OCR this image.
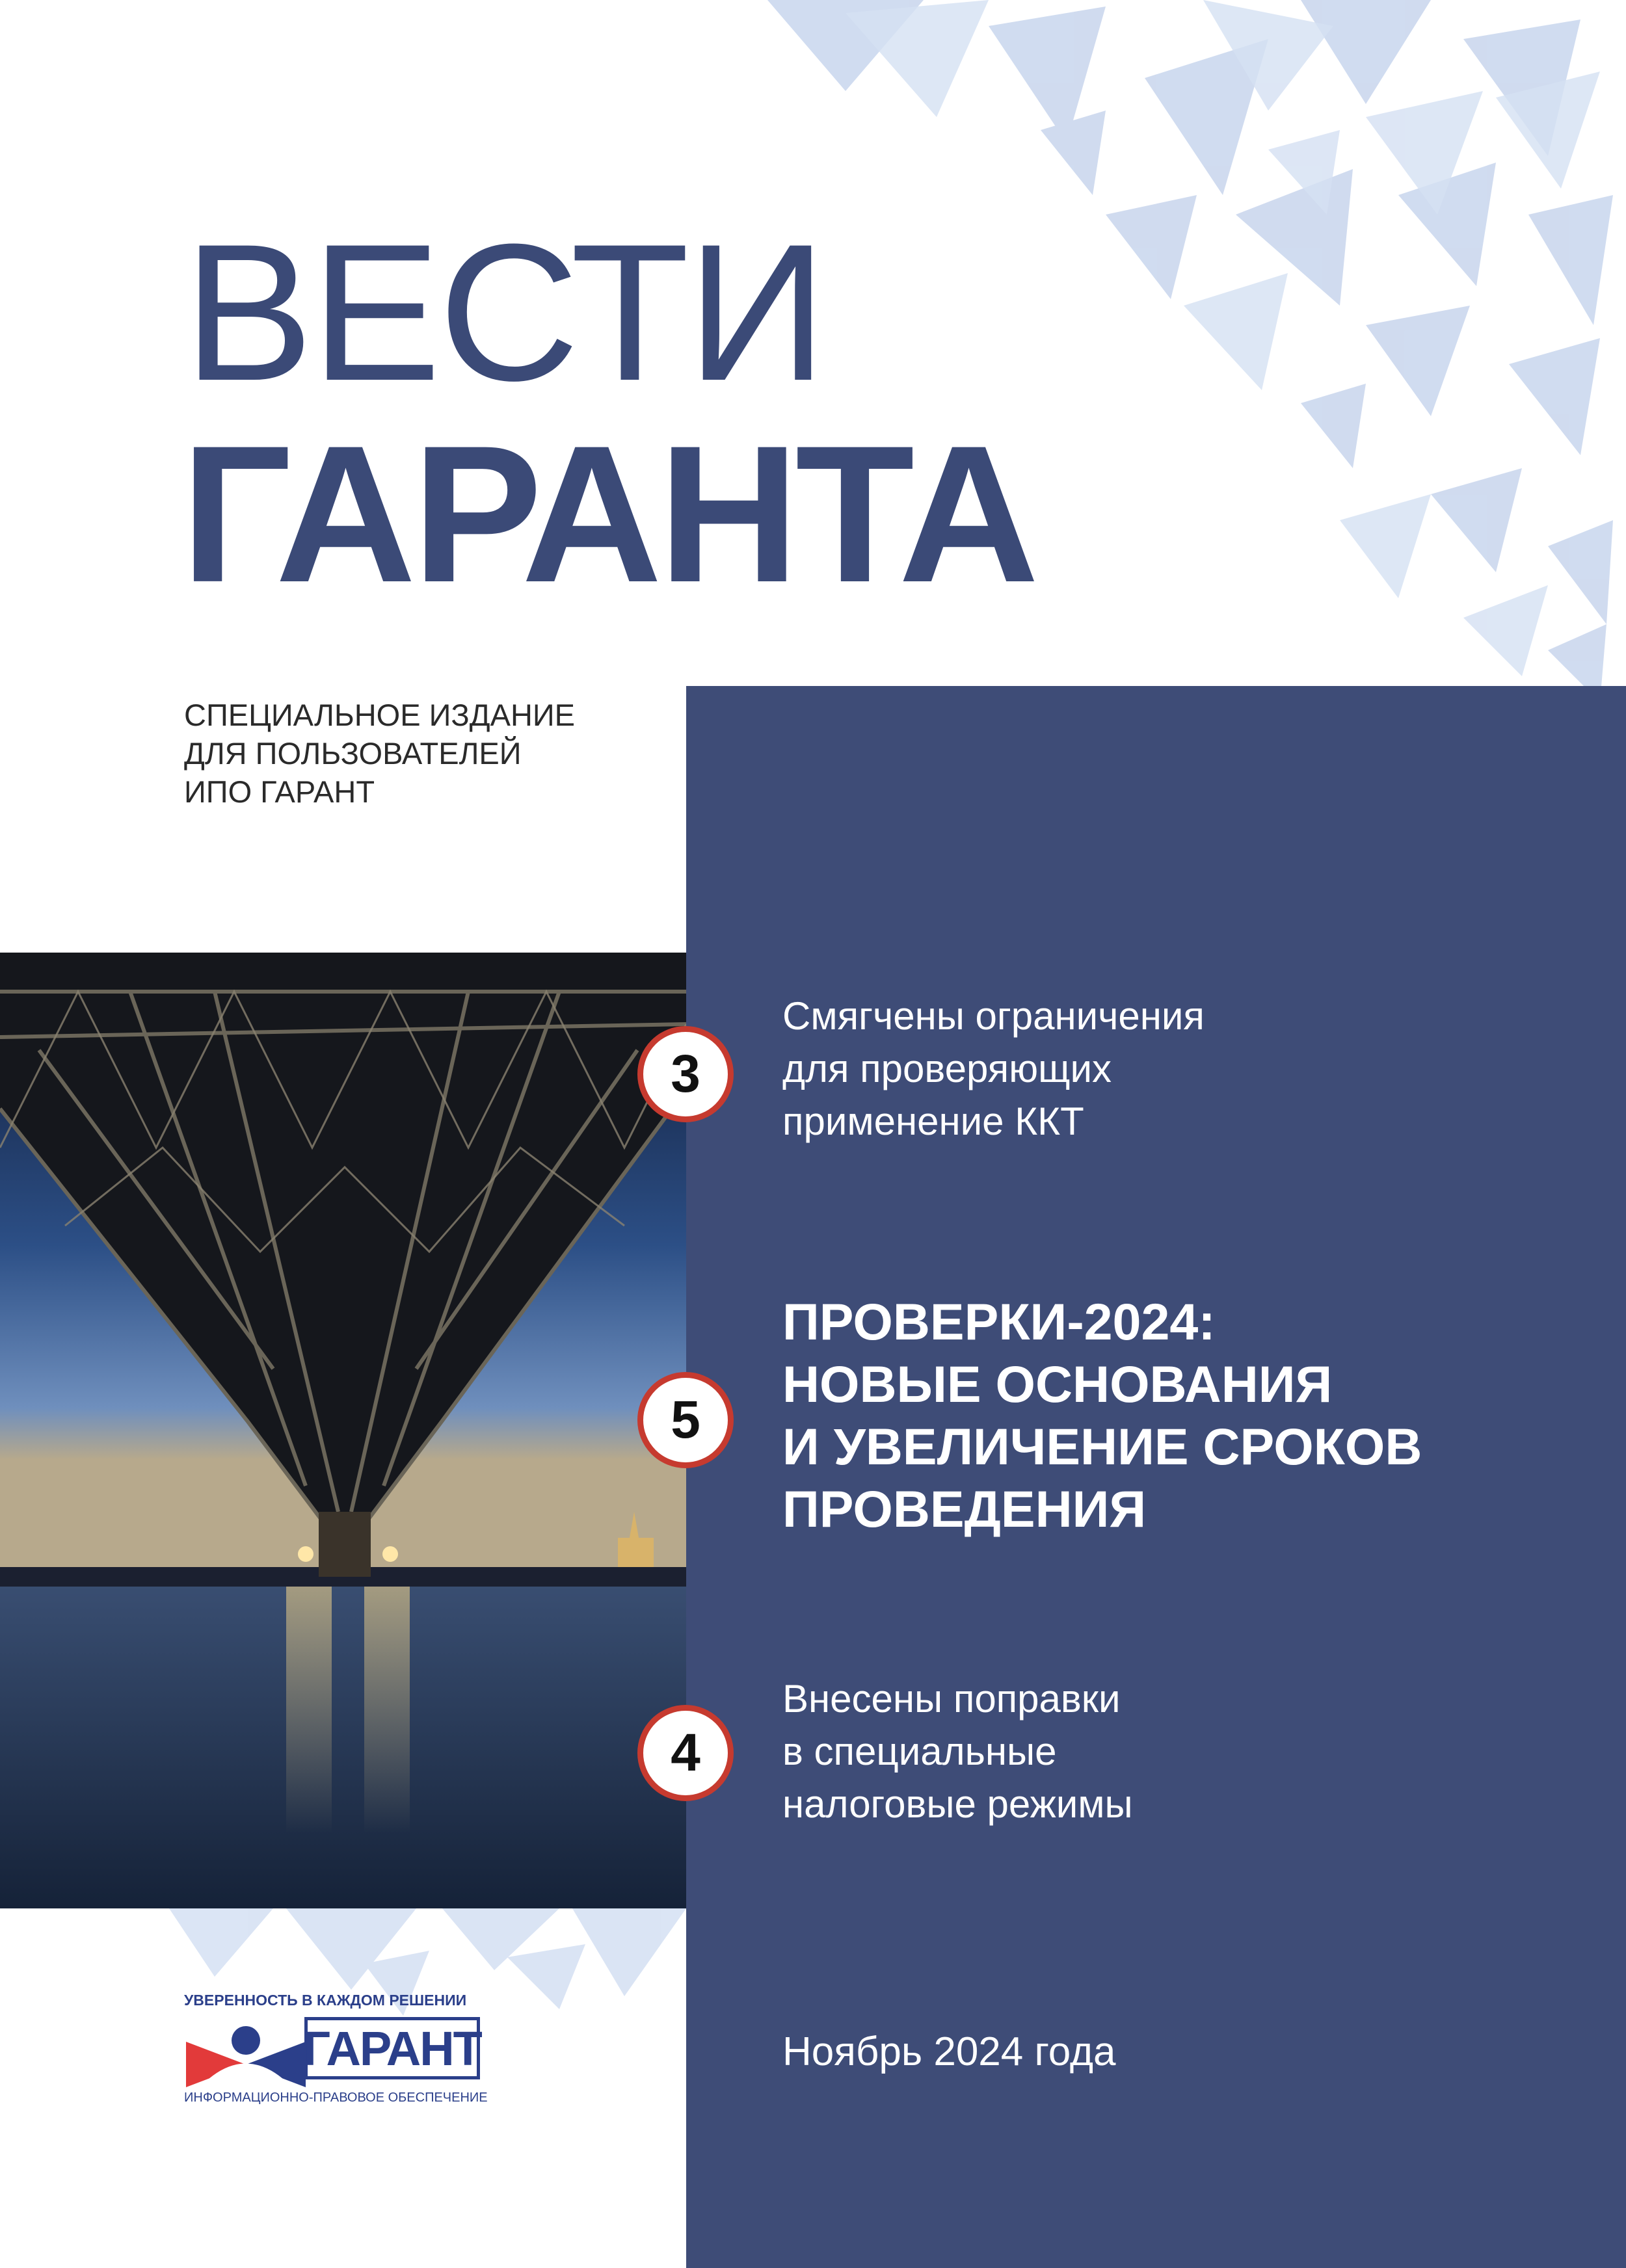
ВЕСТИ
ГАРАНТА
СПЕЦИАЛЬНОЕ ИЗДАНИЕ
ДЛЯ ПОЛЬЗОВАТЕЛЕЙ
ИПО ГАРАНТ
3
Смягчены ограничения
для проверяющих
применение ККТ
5
ПРОВЕРКИ-2024:
НОВЫЕ ОСНОВАНИЯ
И УВЕЛИЧЕНИЕ СРОКОВ
ПРОВЕДЕНИЯ
4
Внесены поправки
в специальные
налоговые режимы
Ноябрь 2024 года
УВЕРЕННОСТЬ В КАЖДОМ РЕШЕНИИ
ГАРАНТ
ИНФОРМАЦИОННО-ПРАВОВОЕ ОБЕСПЕЧЕНИЕ
